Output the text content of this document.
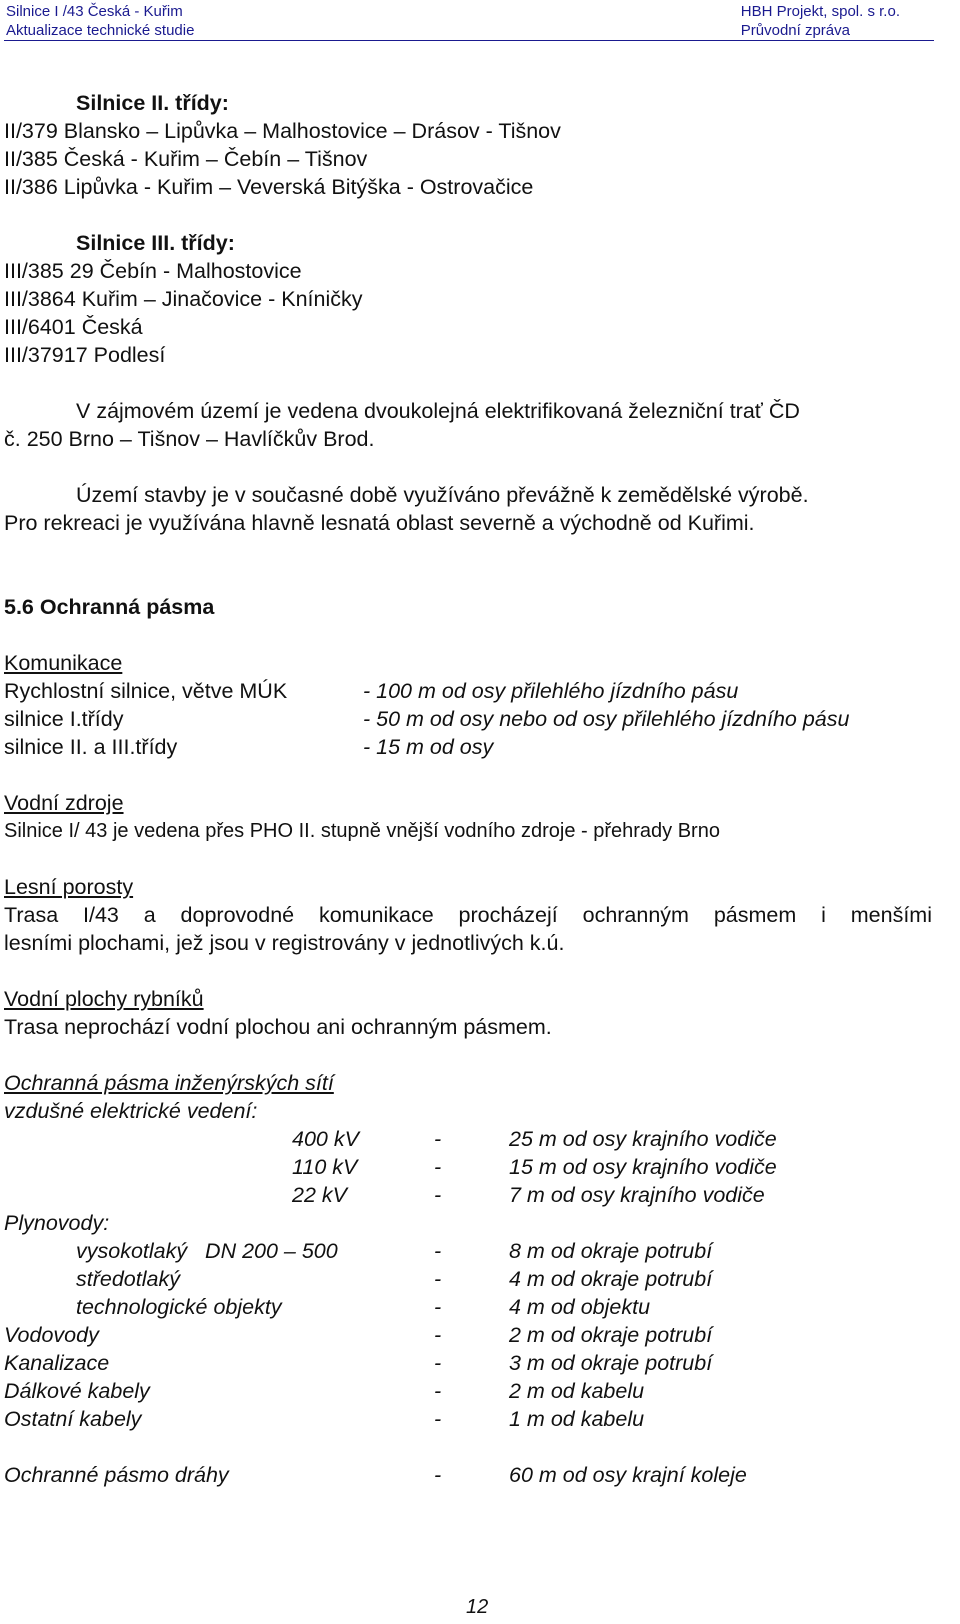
Silnice I /43 Česká - Kuřim
Aktualizace technické studie
HBH Projekt, spol. s r.o.
Průvodní zpráva
Silnice II. třídy:
II/379 Blansko – Lipůvka – Malhostovice – Drásov - Tišnov
II/385 Česká - Kuřim – Čebín – Tišnov
II/386 Lipůvka - Kuřim – Veverská Bitýška - Ostrovačice
Silnice III. třídy:
III/385 29 Čebín - Malhostovice
III/3864 Kuřim – Jinačovice - Kníničky
III/6401 Česká
III/37917 Podlesí
V zájmovém území je vedena dvoukolejná elektrifikovaná železniční trať ČD
č. 250 Brno – Tišnov – Havlíčkův Brod.
Území stavby je v současné době využíváno převážně k zemědělské výrobě.
Pro rekreaci je využívána hlavně lesnatá oblast severně a východně od Kuřimi.
5.6 Ochranná pásma
Komunikace
Rychlostní silnice, větve MÚK	- 100 m od osy přilehlého jízdního pásu
silnice I.třídy	- 50 m od osy nebo od osy přilehlého jízdního pásu
silnice II. a III.třídy	- 15 m od osy
Vodní zdroje
Silnice I/ 43 je vedena přes PHO II. stupně vnější vodního zdroje - přehrady Brno
Lesní porosty
Trasa I/43 a doprovodné komunikace procházejí ochranným pásmem i menšími
lesními plochami, jež jsou v registrovány v jednotlivých k.ú.
Vodní plochy rybníků
Trasa neprochází vodní plochou ani ochranným pásmem.
Ochranná pásma inženýrských sítí
vzdušné elektrické vedení:
400 kV	-	25 m od osy krajního vodiče
110 kV	-	15 m od osy krajního vodiče
22 kV	-	7 m od osy krajního vodiče
Plynovody:
vysokotlaký   DN 200 – 500	-	8 m od okraje potrubí
středotlaký	-	4 m od okraje potrubí
technologické objekty	-	4 m od objektu
Vodovody	-	2 m od okraje potrubí
Kanalizace	-	3 m od okraje potrubí
Dálkové kabely	-	2 m od kabelu
Ostatní kabely	-	1 m od kabelu
Ochranné pásmo dráhy	-	60 m od osy krajní koleje
12
